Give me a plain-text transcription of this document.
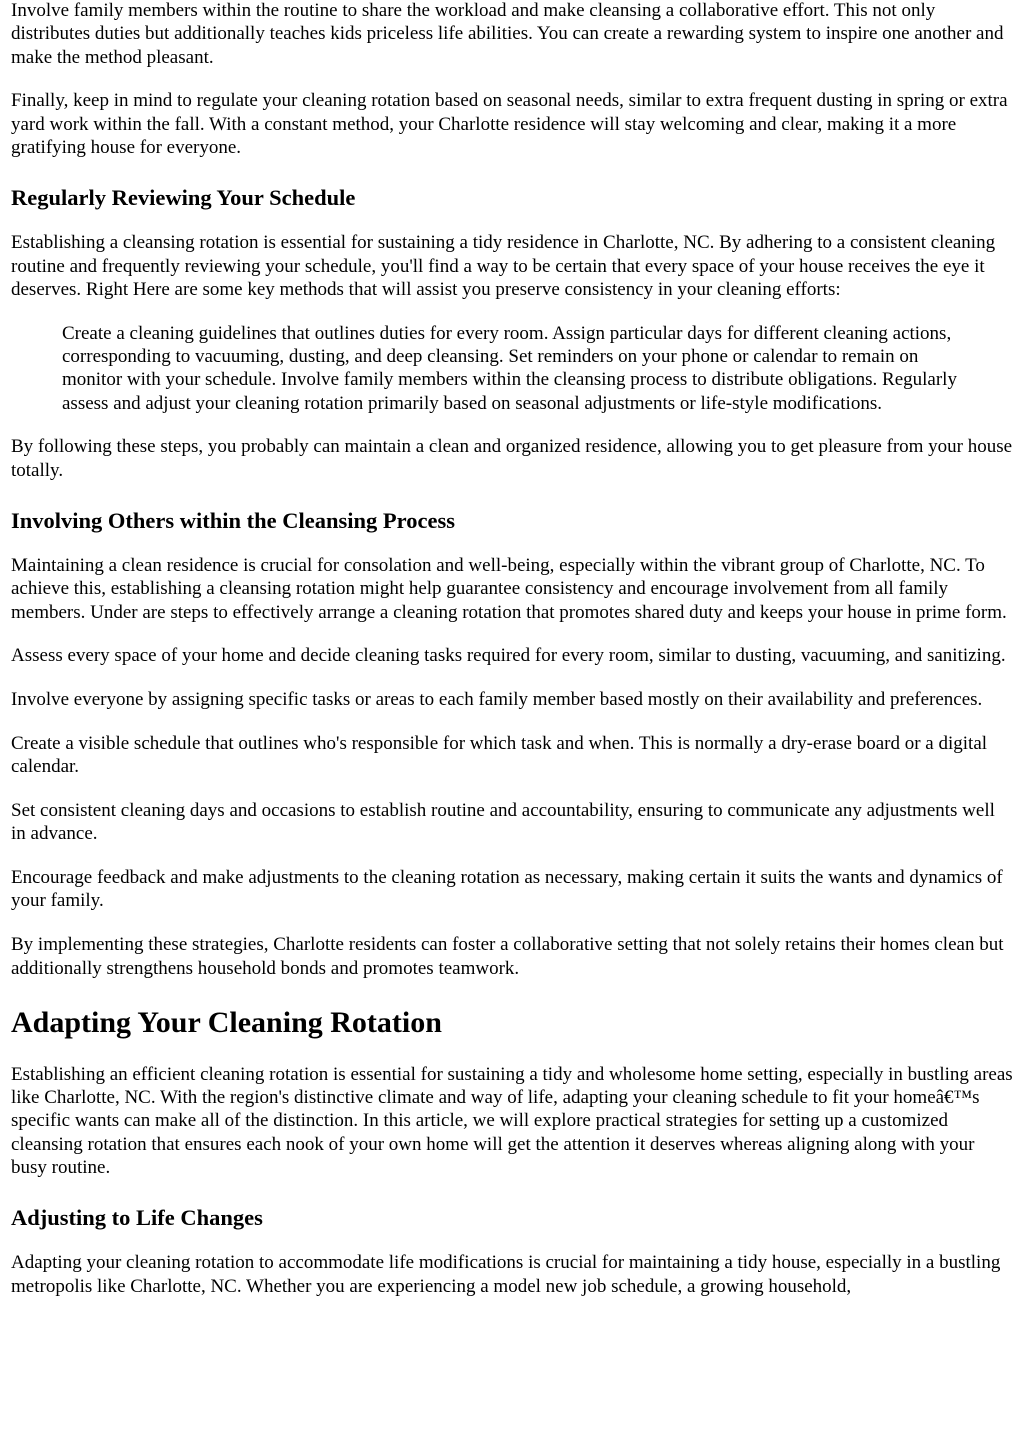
Involve family members within the routine to share the workload and make cleansing a collaborative effort. This not only distributes duties but additionally teaches kids priceless life abilities. You can create a rewarding system to inspire one another and make the method pleasant.

Finally, keep in mind to regulate your cleaning rotation based on seasonal needs, similar to extra frequent dusting in spring or extra yard work within the fall. With a constant method, your Charlotte residence will stay welcoming and clear, making it a more gratifying house for everyone.

Regularly Reviewing Your Schedule

Establishing a cleansing rotation is essential for sustaining a tidy residence in Charlotte, NC. By adhering to a consistent cleaning routine and frequently reviewing your schedule, you'll find a way to be certain that every space of your house receives the eye it deserves. Right Here are some key methods that will assist you preserve consistency in your cleaning efforts:

Create a cleaning guidelines that outlines duties for every room. Assign particular days for different cleaning actions, corresponding to vacuuming, dusting, and deep cleansing. Set reminders on your phone or calendar to remain on monitor with your schedule. Involve family members within the cleansing process to distribute obligations. Regularly assess and adjust your cleaning rotation primarily based on seasonal adjustments or life-style modifications.

By following these steps, you probably can maintain a clean and organized residence, allowing you to get pleasure from your house totally.

Involving Others within the Cleansing Process

Maintaining a clean residence is crucial for consolation and well-being, especially within the vibrant group of Charlotte, NC. To achieve this, establishing a cleansing rotation might help guarantee consistency and encourage involvement from all family members. Under are steps to effectively arrange a cleaning rotation that promotes shared duty and keeps your house in prime form.

Assess every space of your home and decide cleaning tasks required for every room, similar to dusting, vacuuming, and sanitizing.

Involve everyone by assigning specific tasks or areas to each family member based mostly on their availability and preferences.

Create a visible schedule that outlines who's responsible for which task and when. This is normally a dry-erase board or a digital calendar.

Set consistent cleaning days and occasions to establish routine and accountability, ensuring to communicate any adjustments well in advance.

Encourage feedback and make adjustments to the cleaning rotation as necessary, making certain it suits the wants and dynamics of your family.

By implementing these strategies, Charlotte residents can foster a collaborative setting that not solely retains their homes clean but additionally strengthens household bonds and promotes teamwork.

Adapting Your Cleaning Rotation

Establishing an efficient cleaning rotation is essential for sustaining a tidy and wholesome home setting, especially in bustling areas like Charlotte, NC. With the region's distinctive climate and way of life, adapting your cleaning schedule to fit your homeâ€™s specific wants can make all of the distinction. In this article, we will explore practical strategies for setting up a customized cleansing rotation that ensures each nook of your own home will get the attention it deserves whereas aligning along with your busy routine.

Adjusting to Life Changes

Adapting your cleaning rotation to accommodate life modifications is crucial for maintaining a tidy house, especially in a bustling metropolis like Charlotte, NC. Whether you are experiencing a model new job schedule, a growing household,
